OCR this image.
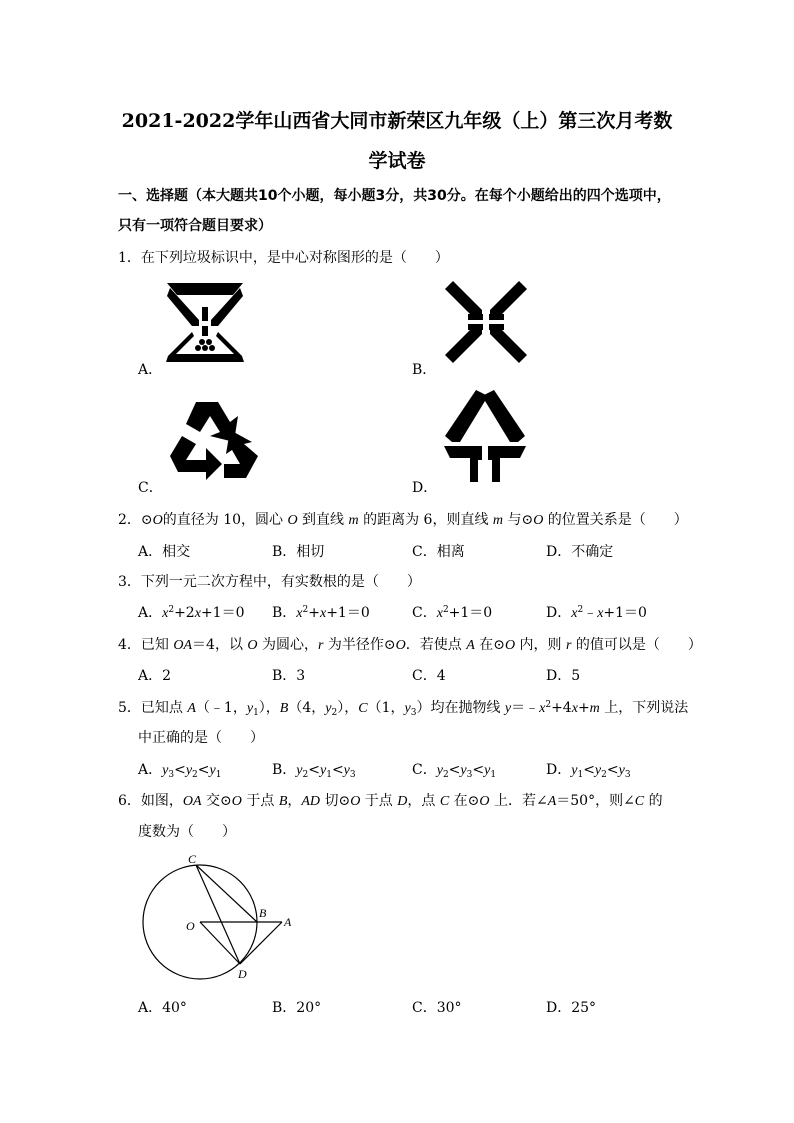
2021-2022学年山西省大同市新荣区九年级（上）第三次月考数
学试卷
一、选择题（本大题共10个小题，每小题3分，共30分。在每个小题给出的四个选项中，
只有一项符合题目要求）
1．在下列垃圾标识中，是中心对称图形的是（　　）
A．	B．
C．	D．
2．⊙O的直径为 10，圆心 O 到直线 m 的距离为 6，则直线 m 与⊙O 的位置关系是（　　）
A．相交	B．相切	C．相离	D．不确定
3．下列一元二次方程中，有实数根的是（　　）
A．$x^2+2x+1=0$ B．$x^2+x+1=0$	C．$x^2+1=0$	D．$x^2﹣x+1=0$
4．已知 OA＝4，以 O 为圆心，r 为半径作⊙O．若使点 A 在⊙O 内，则 r 的值可以是（　　）
A．2	B．3	C．4	D．5
5．已知点 A（﹣1，$y_1$），B（4，$y_2$），C（1，$y_3$）均在抛物线 $y=﹣x^2+4x+m$ 上，下列说法
中正确的是（　　）
A．$y_3<y_2<y_1$	B．$y_2<y_1<y_3$	C．$y_2<y_3<y_1$	D．$y_1<y_2<y_3$
6．如图，OA 交⊙O 于点 B，AD 切⊙O 于点 D，点 C 在⊙O 上．若∠A＝50°，则∠C 的
度数为（　　）
C
O
B
A
D
A．40°	B．20°	C．30°	D．25°
